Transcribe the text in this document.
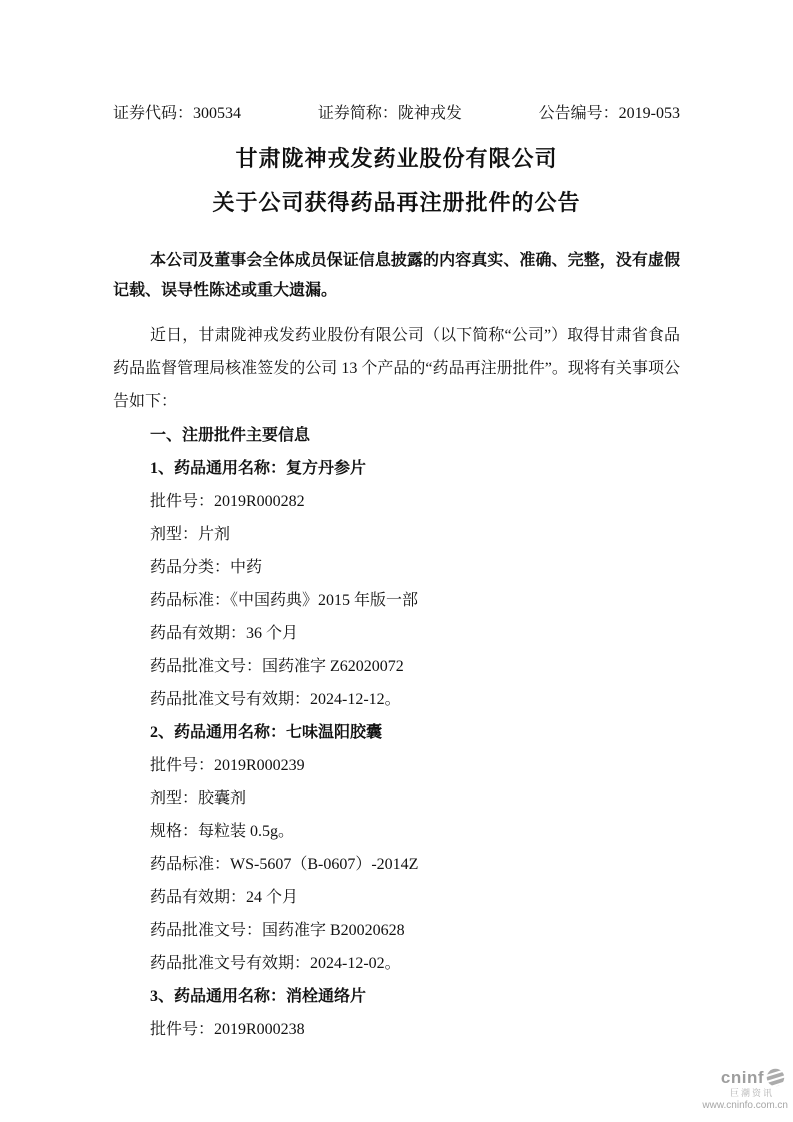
证券代码：300534	证券简称：陇神戎发	公告编号：2019-053
甘肃陇神戎发药业股份有限公司
关于公司获得药品再注册批件的公告

本公司及董事会全体成员保证信息披露的内容真实、准确、完整，没有虚假记载、误导性陈述或重大遗漏。

近日，甘肃陇神戎发药业股份有限公司（以下简称“公司”）取得甘肃省食品药品监督管理局核准签发的公司 13 个产品的“药品再注册批件”。现将有关事项公告如下：

一、注册批件主要信息

1、药品通用名称：复方丹参片

批件号：2019R000282

剂型：片剂

药品分类：中药

药品标准：《中国药典》2015 年版一部

药品有效期：36 个月

药品批准文号：国药准字 Z62020072

药品批准文号有效期：2024-12-12。

2、药品通用名称：七味温阳胶囊

批件号：2019R000239

剂型：胶囊剂

规格：每粒装 0.5g。

药品标准：WS-5607（B-0607）-2014Z

药品有效期：24 个月

药品批准文号：国药准字 B20020628

药品批准文号有效期：2024-12-02。

3、药品通用名称：消栓通络片

批件号：2019R000238

cninf
巨潮资讯
www.cninfo.com.cn
